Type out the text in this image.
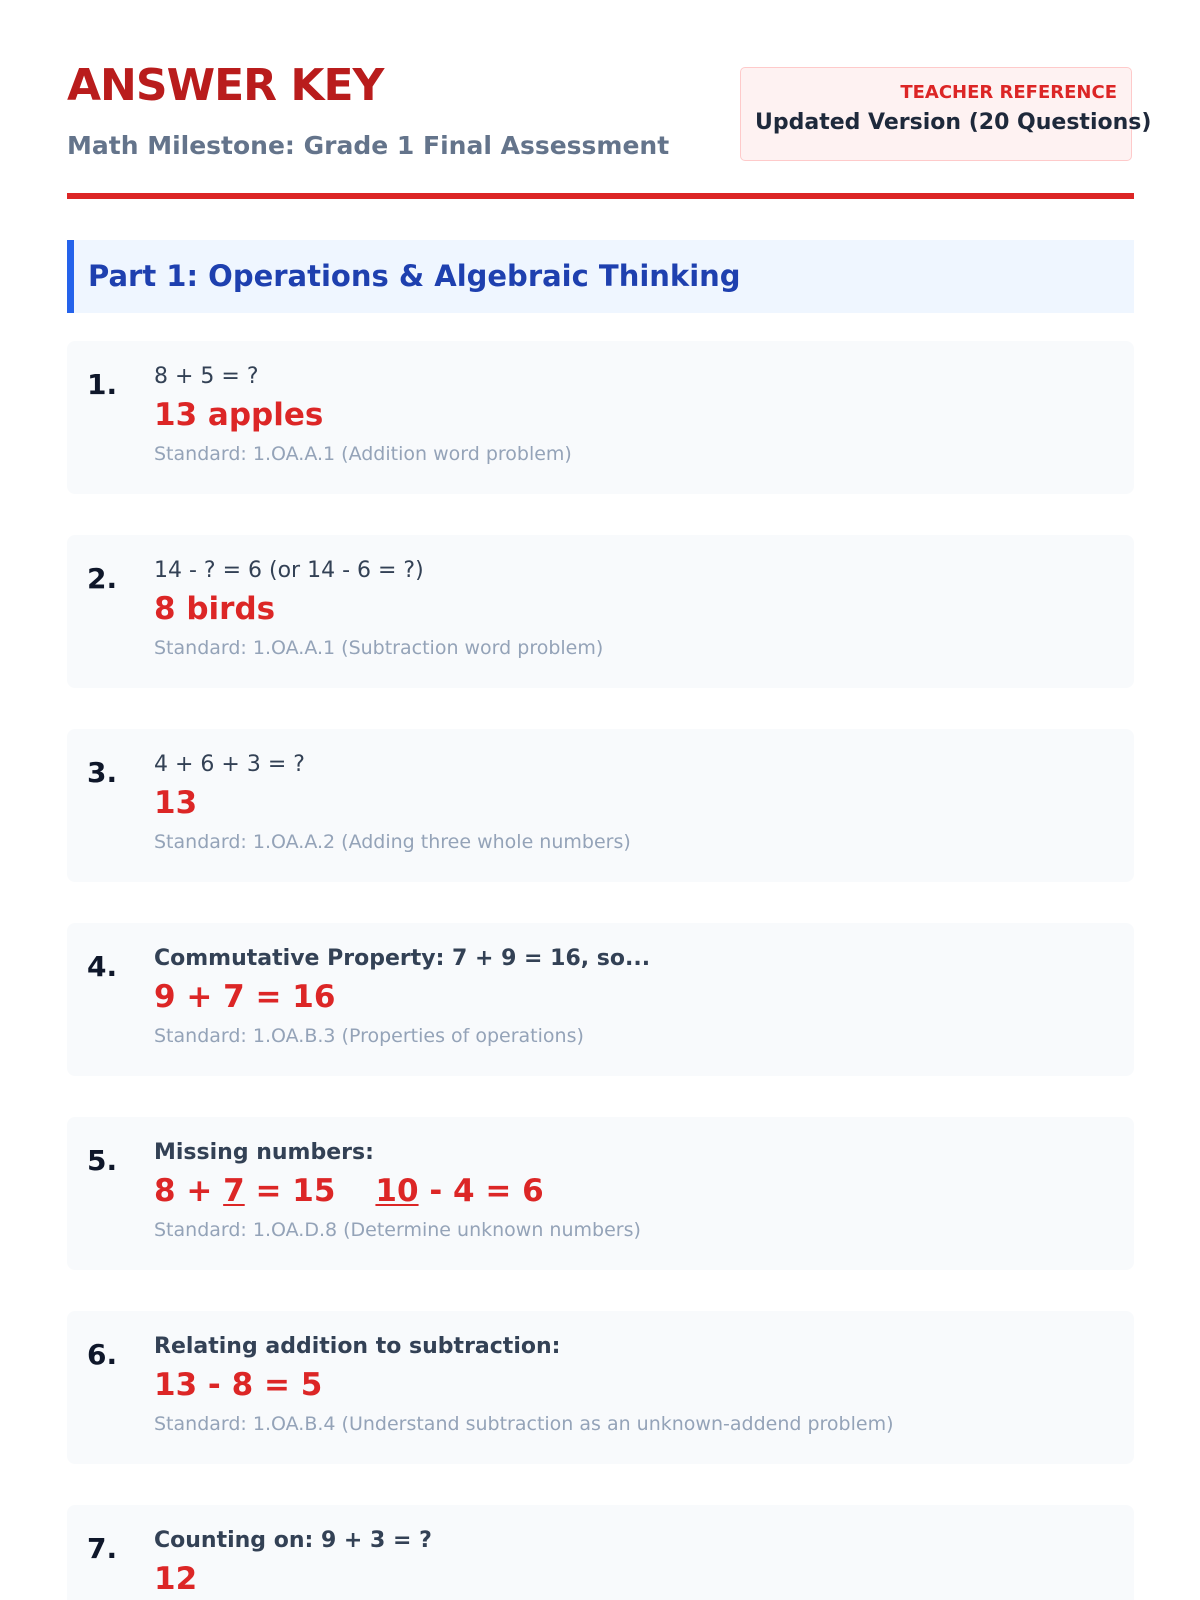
ANSWER KEY
Math Milestone: Grade 1 Final Assessment
TEACHER REFERENCE
Updated Version (20 Questions)
Part 1: Operations & Algebraic Thinking
1. 8 + 5 = ?
13 apples
Standard: 1.OA.A.1 (Addition word problem)
2. 14 - ? = 6 (or 14 - 6 = ?)
8 birds
Standard: 1.OA.A.1 (Subtraction word problem)
3. 4 + 6 + 3 = ?
13
Standard: 1.OA.A.2 (Adding three whole numbers)
4. Commutative Property: 7 + 9 = 16, so...
9 + 7 = 16
Standard: 1.OA.B.3 (Properties of operations)
5. Missing numbers:
8 + 7 = 15 10 - 4 = 6
Standard: 1.OA.D.8 (Determine unknown numbers)
6. Relating addition to subtraction:
13 - 8 = 5
Standard: 1.OA.B.4 (Understand subtraction as an unknown-addend problem)
7. Counting on: 9 + 3 = ?
12
